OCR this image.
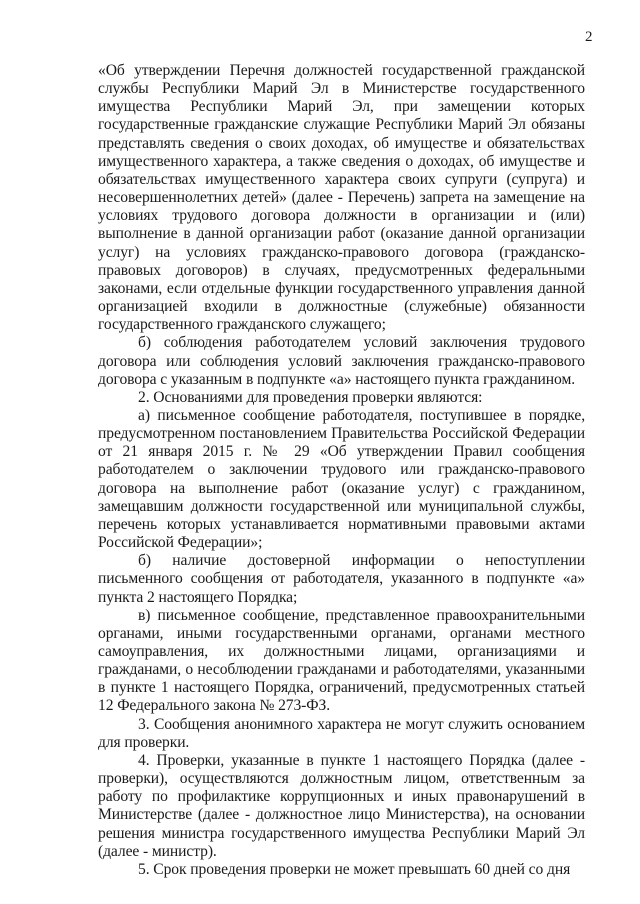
2

«Об утверждении Перечня должностей государственной гражданской службы Республики Марий Эл в Министерстве государственного имущества Республики Марий Эл, при замещении которых государственные гражданские служащие Республики Марий Эл обязаны представлять сведения о своих доходах, об имуществе и обязательствах имущественного характера, а также сведения о доходах, об имуществе и обязательствах имущественного характера своих супруги (супруга) и несовершеннолетних детей» (далее - Перечень) запрета на замещение на условиях трудового договора должности в организации и (или) выполнение в данной организации работ (оказание данной организации услуг) на условиях гражданско-правового договора (гражданско-правовых договоров) в случаях, предусмотренных федеральными законами, если отдельные функции государственного управления данной организацией входили в должностные (служебные) обязанности государственного гражданского служащего;

б) соблюдения работодателем условий заключения трудового договора или соблюдения условий заключения гражданско-правового договора с указанным в подпункте «а» настоящего пункта гражданином.

2. Основаниями для проведения проверки являются:

а) письменное сообщение работодателя, поступившее в порядке, предусмотренном постановлением Правительства Российской Федерации от 21 января 2015 г. № 29 «Об утверждении Правил сообщения работодателем о заключении трудового или гражданско-правового договора на выполнение работ (оказание услуг) с гражданином, замещавшим должности государственной или муниципальной службы, перечень которых устанавливается нормативными правовыми актами Российской Федерации»;

б) наличие достоверной информации о непоступлении письменного сообщения от работодателя, указанного в подпункте «а» пункта 2 настоящего Порядка;

в) письменное сообщение, представленное правоохранительными органами, иными государственными органами, органами местного самоуправления, их должностными лицами, организациями и гражданами, о несоблюдении гражданами и работодателями, указанными в пункте 1 настоящего Порядка, ограничений, предусмотренных статьей 12 Федерального закона № 273-ФЗ.

3. Сообщения анонимного характера не могут служить основанием для проверки.

4. Проверки, указанные в пункте 1 настоящего Порядка (далее - проверки), осуществляются должностным лицом, ответственным за работу по профилактике коррупционных и иных правонарушений в Министерстве (далее - должностное лицо Министерства), на основании решения министра государственного имущества Республики Марий Эл (далее - министр).

5. Срок проведения проверки не может превышать 60 дней со дня
